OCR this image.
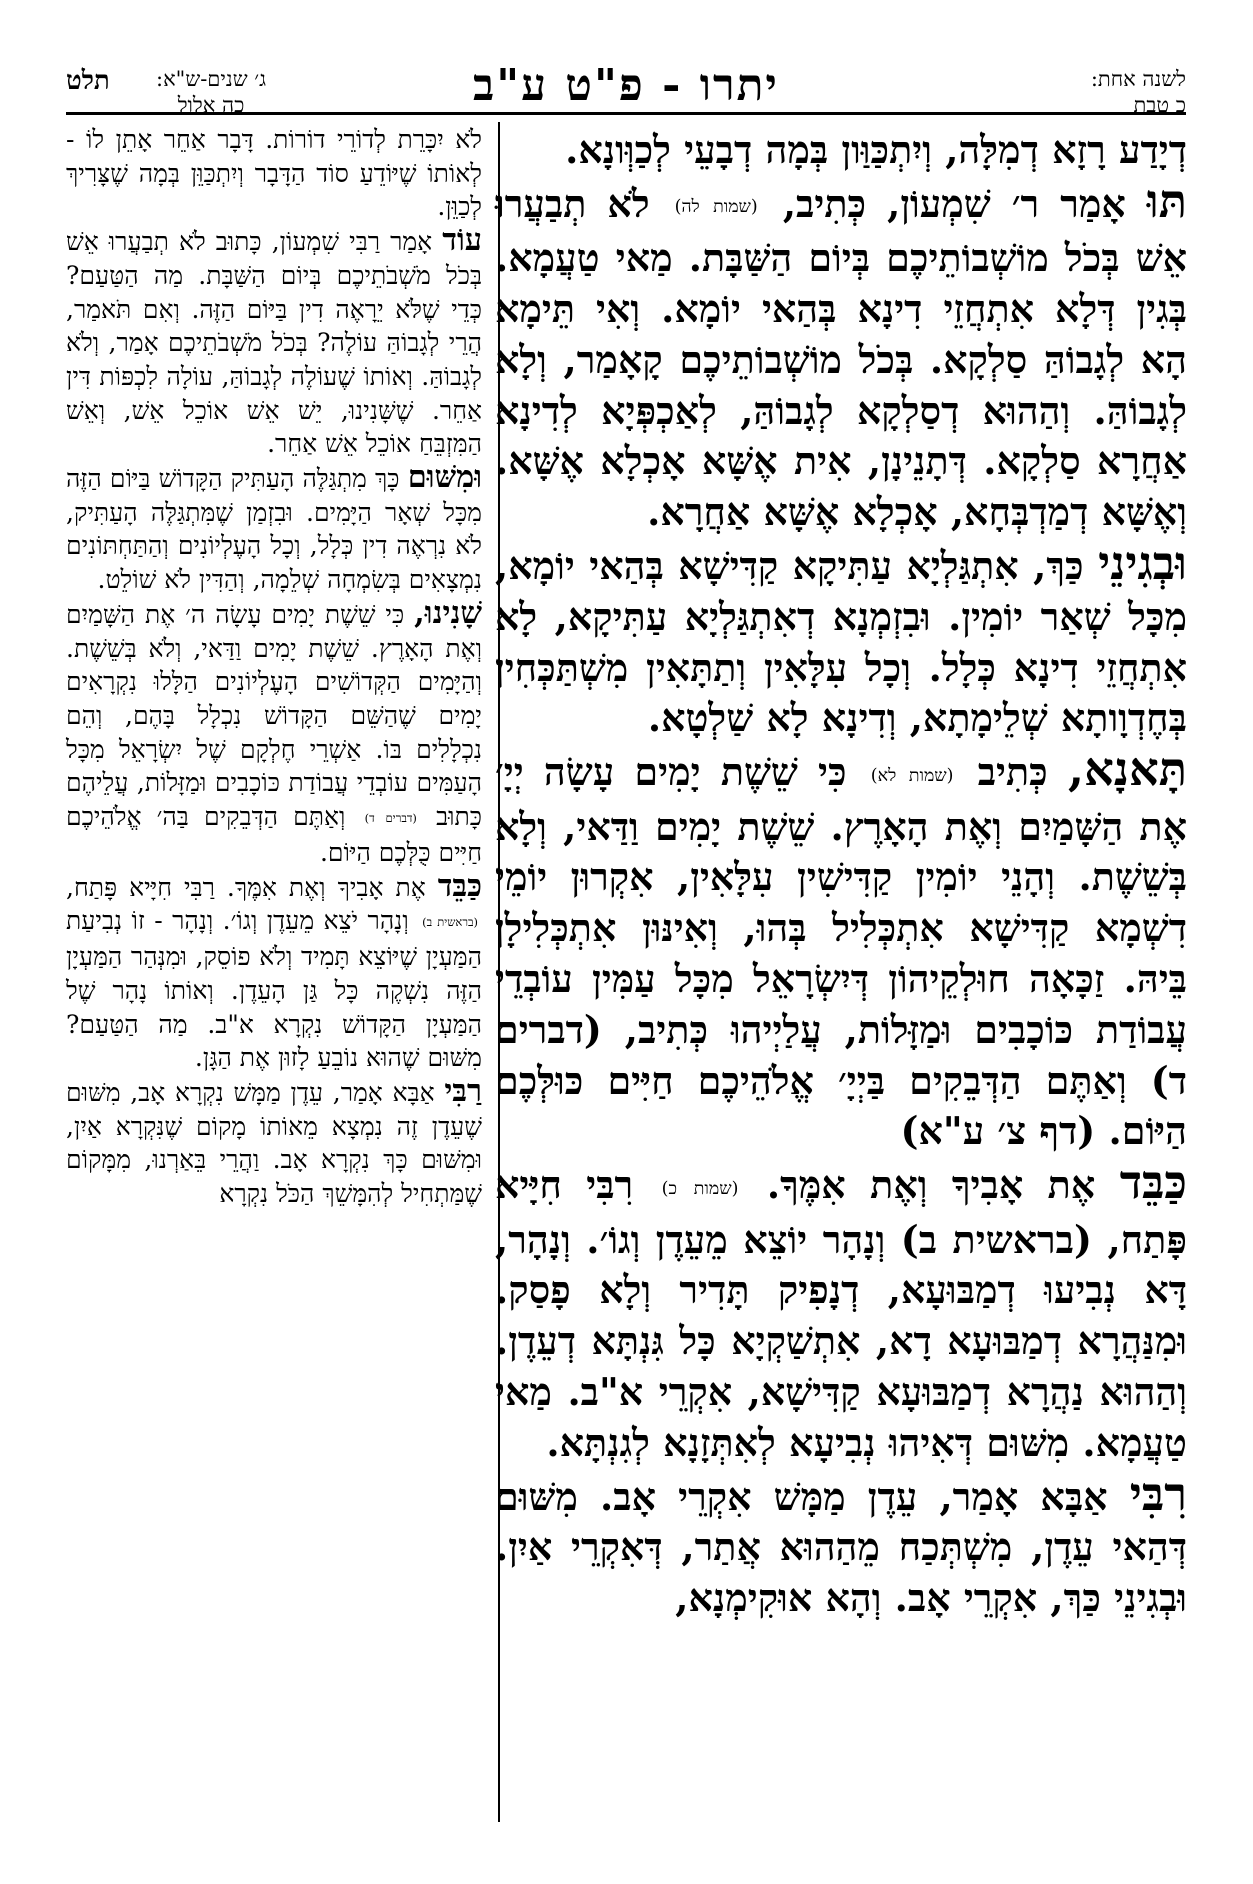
לשנה אחת:
כ טבת
יתרו - פ"ט ע"ב
ג׳ שנים-ש"א:
כה אלול
תלט

דְיָדַע רָזָא דְמִלָּה, וְיִתְכַּוַּון בְּמָה דְבָעֵי לְכַוְּונָא.

תּוּ אָמַר ר׳ שִׁמְעוֹן, כְּתִיב, (שמות לה) לֹא תְבַעֲרוּ אֵשׁ בְּכֹל מוֹשְׁבוֹתֵיכֶם בְּיוֹם הַשַּׁבָּת. מַאי טַעֲמָא. בְּגִין דְּלָא אִתְחֲזֵי דִינָא בְּהַאי יוֹמָא. וְאִי תֵּימָא הָא לְגָבוֹהַּ סַלְקָא. בְּכֹל מוֹשְׁבוֹתֵיכֶם קָאָמַר, וְלָא לְגָבוֹהַּ. וְהַהוּא דְסַלְקָא לְגָבוֹהַּ, לְאַכְפְּיָא לְדִינָא אַחֲרָא סַלְקָא. דְּתָנֵינָן, אִית אֶשָּׁא אָכְלָא אֶשָּׁא. וְאֶשָּׁא דְמַדְבְּחָא, אָכְלָא אֶשָּׁא אַחֲרָא.

וּבְגִינֵי כַּךְ, אִתְגַּלְיָא עַתִּיקָא קַדִּישָׁא בְּהַאי יוֹמָא, מִכָּל שְׁאַר יוֹמִין. וּבִזְמְנָא דְאִתְגַּלְיָא עַתִּיקָא, לָא אִתְחֲזֵי דִינָא כְּלָל. וְכָל עִלָּאִין וְתַתָּאִין מִשְׁתַּכְּחִין בְּחֶדְוָותָא שְׁלֵימָתָא, וְדִינָא לָא שַׁלְטָא.

תָּאנָא, כְּתִיב (שמות לא) כִּי שֵׁשֶׁת יָמִים עָשָׂה יְיָ׳ אֶת הַשָּׁמַיִם וְאֶת הָאָרֶץ. שֵׁשֶׁת יָמִים וַדַּאי, וְלָא בְּשֵׁשֶׁת. וְהָנֵי יוֹמִין קַדִּישִׁין עִלָּאִין, אִקְרוּן יוֹמֵי דִשְׁמָא קַדִּישָׁא אִתְכְּלִיל בְּהוּ, וְאִינּוּן אִתְכְּלִילָן בֵּיהּ. זַכָּאָה חוּלְקֵיהוֹן דְּיִשְׂרָאֵל מִכָּל עַמִּין עוֹבְדֵי עֲבוֹדַת כּוֹכָבִים וּמַזָּלוֹת, עֲלַיְיהוּ כְּתִיב, (דברים ד) וְאַתֶּם הַדְּבֵקִים בַּיְיָ׳ אֱלֹהֵיכֶם חַיִּים כּוּלְּכֶם הַיּוֹם. (דף צ׳ ע"א)

כַּבֵּד אֶת אָבִיךָ וְאֶת אִמֶּךָ. (שמות כ) רִבִּי חִיָּיא פָּתַח, (בראשית ב) וְנָהָר יוֹצֵא מֵעֵדֶן וְגוֹ׳. וְנָהָר, דָּא נְבִיעוּ דְמַבּוּעָא, דְנָפִיק תָּדִיר וְלָא פָסַק. וּמִנַּהֲרָא דְמַבּוּעָא דָא, אִתְשַׁקְיָא כָּל גִּנְתָּא דְעֵדֶן. וְהַהוּא נַהֲרָא דְמַבּוּעָא קַדִּישָׁא, אִקְרֵי א"ב. מַאי טַעֲמָא. מִשּׁוּם דְּאִיהוּ נְבִיעָא לְאִתְּזָנָא לְגִנְתָּא.

רִבִּי אַבָּא אָמַר, עֵדֶן מַמָּשׁ אִקְרֵי אָב. מִשּׁוּם דְּהַאי עֵדֶן, מִשְׁתְּכַח מֵהַהוּא אֲתַר, דְּאִקְרֵי אַיִן. וּבְגִינֵי כַּךְ, אִקְרֵי אָב. וְהָא אוּקִימְנָא,

לֹא יִכָּרֵת לְדוֹרֵי דוֹרוֹת. דָּבָר אַחֵר אָתֵן לוֹ - לְאוֹתוֹ שֶׁיּוֹדֵעַ סוֹד הַדָּבָר וְיִתְכַּוֵּן בְּמָה שֶׁצָּרִיךְ לְכַוֵּן.

עוֹד אָמַר רַבִּי שִׁמְעוֹן, כָּתוּב לֹא תְבַעֲרוּ אֵשׁ בְּכֹל מֹשְׁבֹתֵיכֶם בְּיוֹם הַשַּׁבָּת. מַה הַטַּעַם? כְּדֵי שֶׁלֹּא יֵרָאֶה דִין בַּיּוֹם הַזֶּה. וְאִם תֹּאמַר, הֲרֵי לְגָבוֹהַּ עוֹלֶה? בְּכֹל מֹשְׁבֹתֵיכֶם אָמַר, וְלֹא לְגָבוֹהַּ. וְאוֹתוֹ שֶׁעוֹלֶה לְגָבוֹהַּ, עוֹלָה לִכְפּוֹת דִּין אַחֵר. שֶׁשָּׁנִינוּ, יֵשׁ אֵשׁ אוֹכֵל אֵשׁ, וְאֵשׁ הַמִּזְבֵּחַ אוֹכֵל אֵשׁ אַחֵר.

וּמִשּׁוּם כָּךְ מִתְגַּלֶּה הָעַתִּיק הַקָּדוֹשׁ בַּיּוֹם הַזֶּה מִכָּל שְׁאָר הַיָּמִים. וּבִזְמַן שֶׁמִּתְגַּלֶּה הָעַתִּיק, לֹא נִרְאֶה דִין כְּלָל, וְכָל הָעֶלְיוֹנִים וְהַתַּחְתּוֹנִים נִמְצָאִים בְּשִׂמְחָה שְׁלֵמָה, וְהַדִּין לֹא שׁוֹלֵט.

שָׁנִינוּ, כִּי שֵׁשֶׁת יָמִים עָשָׂה ה׳ אֶת הַשָּׁמַיִם וְאֶת הָאָרֶץ. שֵׁשֶׁת יָמִים וַדַּאי, וְלֹא בְּשֵׁשֶׁת. וְהַיָּמִים הַקְּדוֹשִׁים הָעֶלְיוֹנִים הַלָּלוּ נִקְרָאִים יָמִים שֶׁהַשֵּׁם הַקָּדוֹשׁ נִכְלָל בָּהֶם, וְהֵם נִכְלָלִים בּוֹ. אַשְׁרֵי חֶלְקָם שֶׁל יִשְׂרָאֵל מִכָּל הָעַמִּים עוֹבְדֵי עֲבוֹדַת כּוֹכָבִים וּמַזָּלוֹת, עֲלֵיהֶם כָּתוּב (דברים ד) וְאַתֶּם הַדְּבֵקִים בַּה׳ אֱלֹהֵיכֶם חַיִּים כֻּלְּכֶם הַיּוֹם.

כַּבֵּד אֶת אָבִיךָ וְאֶת אִמֶּךָ. רַבִּי חִיָּיא פָּתַח, (בראשית ב) וְנָהָר יֹצֵא מֵעֵדֶן וְגוֹ׳. וְנָהָר - זוֹ נְבִיעַת הַמַּעְיָן שֶׁיּוֹצֵא תָּמִיד וְלֹא פוֹסֵק, וּמִנְּהַר הַמַּעְיָן הַזֶּה נִשְׁקֶה כָּל גַּן הָעֵדֶן. וְאוֹתוֹ נָהָר שֶׁל הַמַּעְיָן הַקָּדוֹשׁ נִקְרָא א"ב. מַה הַטַּעַם? מִשּׁוּם שֶׁהוּא נוֹבֵעַ לָזוּן אֶת הַגָּן.

רַבִּי אַבָּא אָמַר, עֵדֶן מַמָּשׁ נִקְרָא אָב, מִשּׁוּם שֶׁעֵדֶן זֶה נִמְצָא מֵאוֹתוֹ מָקוֹם שֶׁנִּקְרָא אַיִן, וּמִשּׁוּם כָּךְ נִקְרָא אָב. וַהֲרֵי בֵּאַרְנוּ, מִמָּקוֹם שֶׁמַּתְחִיל לְהִמָּשֵׁךְ הַכֹּל נִקְרָא
